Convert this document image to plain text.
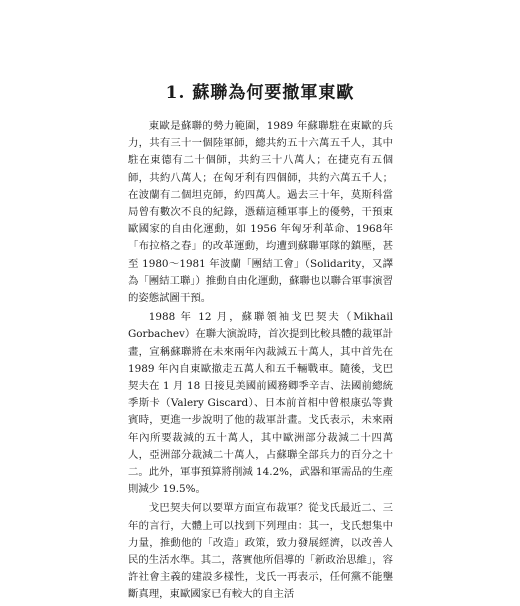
1. 蘇聯為何要撤軍東歐

東歐是蘇聯的勢力範圍，1989 年蘇聯駐在東歐的兵力，共有三十一個陸軍師，總共約五十六萬五千人，其中駐在東德有二十個師，共約三十八萬人；在捷克有五個師，共約八萬人；在匈牙利有四個師，共約六萬五千人；在波蘭有二個坦克師，約四萬人。過去三十年，莫斯科當局曾有數次不良的紀錄，憑藉這種軍事上的優勢，干預東歐國家的自由化運動，如 1956 年匈牙利革命、1968年「布拉格之春」的改革運動，均遭到蘇聯軍隊的鎮壓，甚至 1980～1981 年波蘭「團結工會」（Solidarity，又譯為「團結工聯」）推動自由化運動，蘇聯也以聯合軍事演習的姿態試圖干預。

1988 年 12 月，蘇聯領袖戈巴契夫（Mikhail Gorbachev）在聯大演說時，首次提到比較具體的裁軍計畫，宣稱蘇聯將在未來兩年內裁減五十萬人，其中首先在 1989 年內自東歐撤走五萬人和五千輛戰車。隨後，戈巴契夫在 1 月 18 日接見美國前國務卿季辛吉、法國前總統季斯卡（Valery Giscard）、日本前首相中曾根康弘等貴賓時，更進一步說明了他的裁軍計畫。戈氏表示，未來兩年內所要裁減的五十萬人，其中歐洲部分裁減二十四萬人，亞洲部分裁減二十萬人，占蘇聯全部兵力的百分之十二。此外，軍事預算將削減 14.2%，武器和軍需品的生產則減少 19.5%。

戈巴契夫何以要單方面宣布裁軍？從戈氏最近二、三年的言行，大體上可以找到下列理由：其一，戈氏想集中力量，推動他的「改造」政策，致力發展經濟，以改善人民的生活水準。其二，落實他所倡導的「新政治思維」，容許社會主義的建設多樣性，戈氏一再表示，任何黨不能壟斷真理，東歐國家已有較大的自主活
